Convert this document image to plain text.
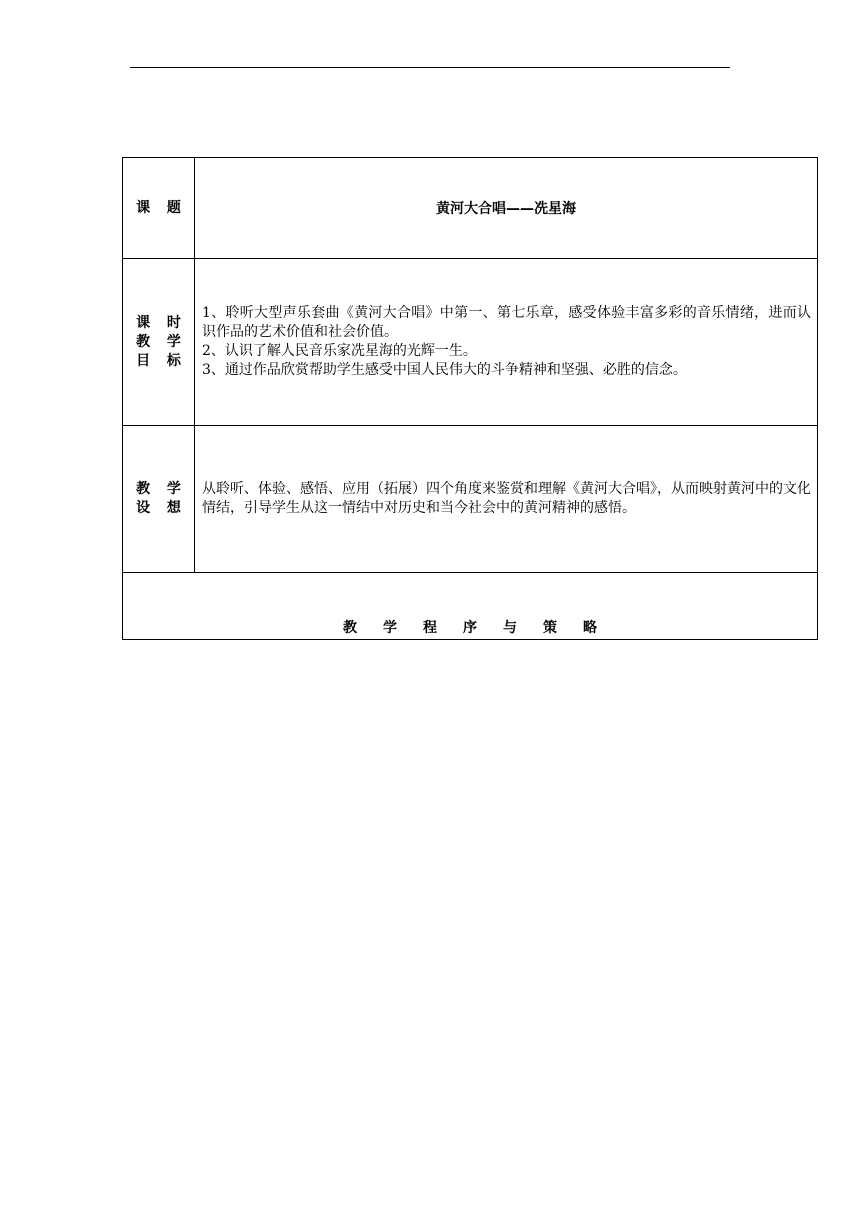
课 题	黄河大合唱——冼星海

课 时
教 学
目 标	1、聆听大型声乐套曲《黄河大合唱》中第一、第七乐章，感受体验丰富多彩的音乐情绪，进而认识作品的艺术价值和社会价值。
2、认识了解人民音乐家冼星海的光辉一生。
3、通过作品欣赏帮助学生感受中国人民伟大的斗争精神和坚强、必胜的信念。

教 学
设 想	从聆听、体验、感悟、应用（拓展）四个角度来鉴赏和理解《黄河大合唱》，从而映射黄河中的文化情结，引导学生从这一情结中对历史和当今社会中的黄河精神的感悟。

教 学 程 序 与 策 略	
